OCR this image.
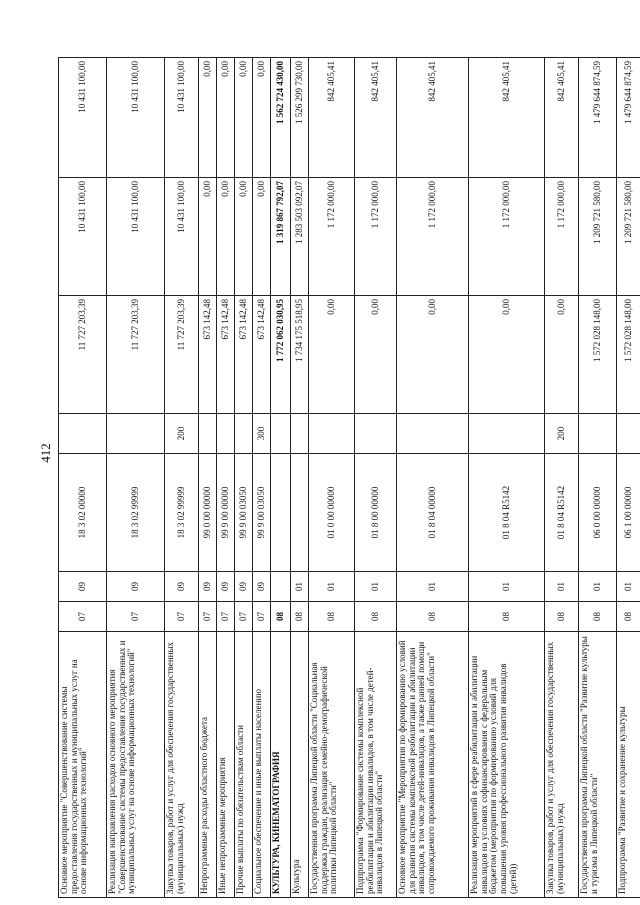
412
Основное мероприятие "Совершенствование системы предоставления государственных и муниципальных услуг на основе информационных технологий"	07	09	18 3 02 00000		11 727 203,39	10 431 100,00	10 431 100,00
Реализация направления расходов основного мероприятия "Совершенствование системы предоставления государственных и муниципальных услуг на основе информационных технологий"	07	09	18 3 02 99999		11 727 203,39	10 431 100,00	10 431 100,00
Закупка товаров, работ и услуг для обеспечения государственных (муниципальных) нужд	07	09	18 3 02 99999	200	11 727 203,39	10 431 100,00	10 431 100,00
Непрограммные расходы областного бюджета	07	09	99 0 00 00000		673 142,48	0,00	0,00
Иные непрограммные мероприятия	07	09	99 9 00 00000		673 142,48	0,00	0,00
Прочие выплаты по обязательствам области	07	09	99 9 00 03050		673 142,48	0,00	0,00
Социальное обеспечение и иные выплаты населению	07	09	99 9 00 03050	300	673 142,48	0,00	0,00
КУЛЬТУРА, КИНЕМАТОГРАФИЯ	08				1 772 062 030,95	1 319 867 792,07	1 562 724 430,00
Культура	08	01			1 734 175 518,95	1 283 503 092,07	1 526 299 730,00
Государственная программа Липецкой области "Социальная поддержка граждан, реализация семейно-демографической политики Липецкой области"	08	01	01 0 00 00000		0,00	1 172 000,00	842 405,41
Подпрограмма "Формирование системы комплексной реабилитации и абилитации инвалидов, в том числе детей-инвалидов в Липецкой области"	08	01	01 8 00 00000		0,00	1 172 000,00	842 405,41
Основное мероприятие "Мероприятия по формированию условий для развития системы комплексной реабилитации и абилитации инвалидов, в том числе детей-инвалидов, а также ранней помощи сопровождаемого проживания инвалидов в Липецкой области"	08	01	01 8 04 00000		0,00	1 172 000,00	842 405,41
Реализация мероприятий в сфере реабилитации и абилитации инвалидов на условиях софинансирования с федеральным бюджетом (мероприятия по формированию условий для повышения уровня профессионального развития инвалидов (детей))	08	01	01 8 04 R5142		0,00	1 172 000,00	842 405,41
Закупка товаров, работ и услуг для обеспечения государственных (муниципальных) нужд	08	01	01 8 04 R5142	200	0,00	1 172 000,00	842 405,41
Государственная программа Липецкой области "Развитие культуры и туризма в Липецкой области"	08	01	06 0 00 00000		1 572 028 148,00	1 209 721 580,00	1 479 644 874,59
Подпрограмма "Развитие и сохранение культуры	08	01	06 1 00 00000		1 572 028 148,00	1 209 721 580,00	1 479 644 874,59
